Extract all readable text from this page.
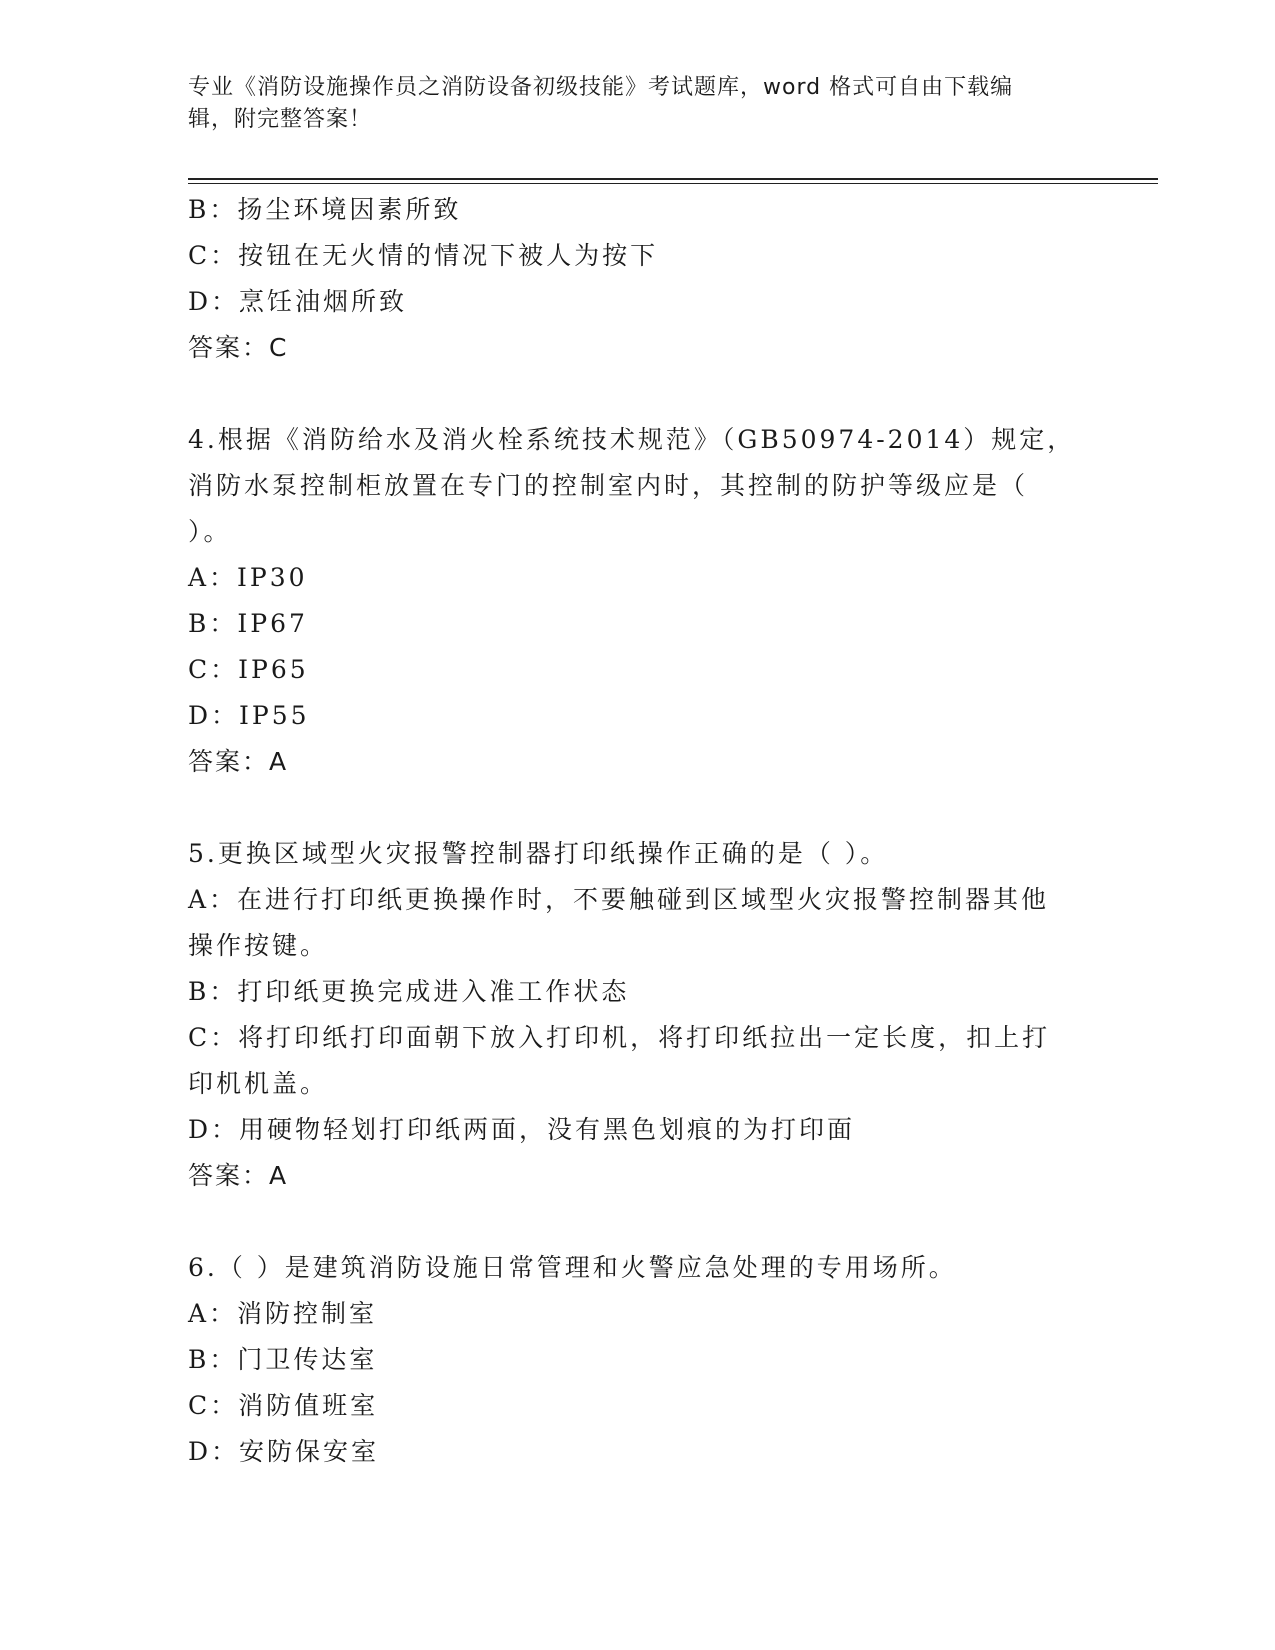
专业《消防设施操作员之消防设备初级技能》考试题库，word 格式可自由下载编
辑，附完整答案！
B：扬尘环境因素所致
C：按钮在无火情的情况下被人为按下
D：烹饪油烟所致
答案：C
4.根据《消防给水及消火栓系统技术规范》（GB50974-2014）规定，
消防水泵控制柜放置在专门的控制室内时，其控制的防护等级应是（
）。
A：IP30
B：IP67
C：IP65
D：IP55
答案：A
5.更换区域型火灾报警控制器打印纸操作正确的是（ ）。
A：在进行打印纸更换操作时，不要触碰到区域型火灾报警控制器其他
操作按键。
B：打印纸更换完成进入准工作状态
C：将打印纸打印面朝下放入打印机，将打印纸拉出一定长度，扣上打
印机机盖。
D：用硬物轻划打印纸两面，没有黑色划痕的为打印面
答案：A
6.（ ）是建筑消防设施日常管理和火警应急处理的专用场所。
A：消防控制室
B：门卫传达室
C：消防值班室
D：安防保安室
